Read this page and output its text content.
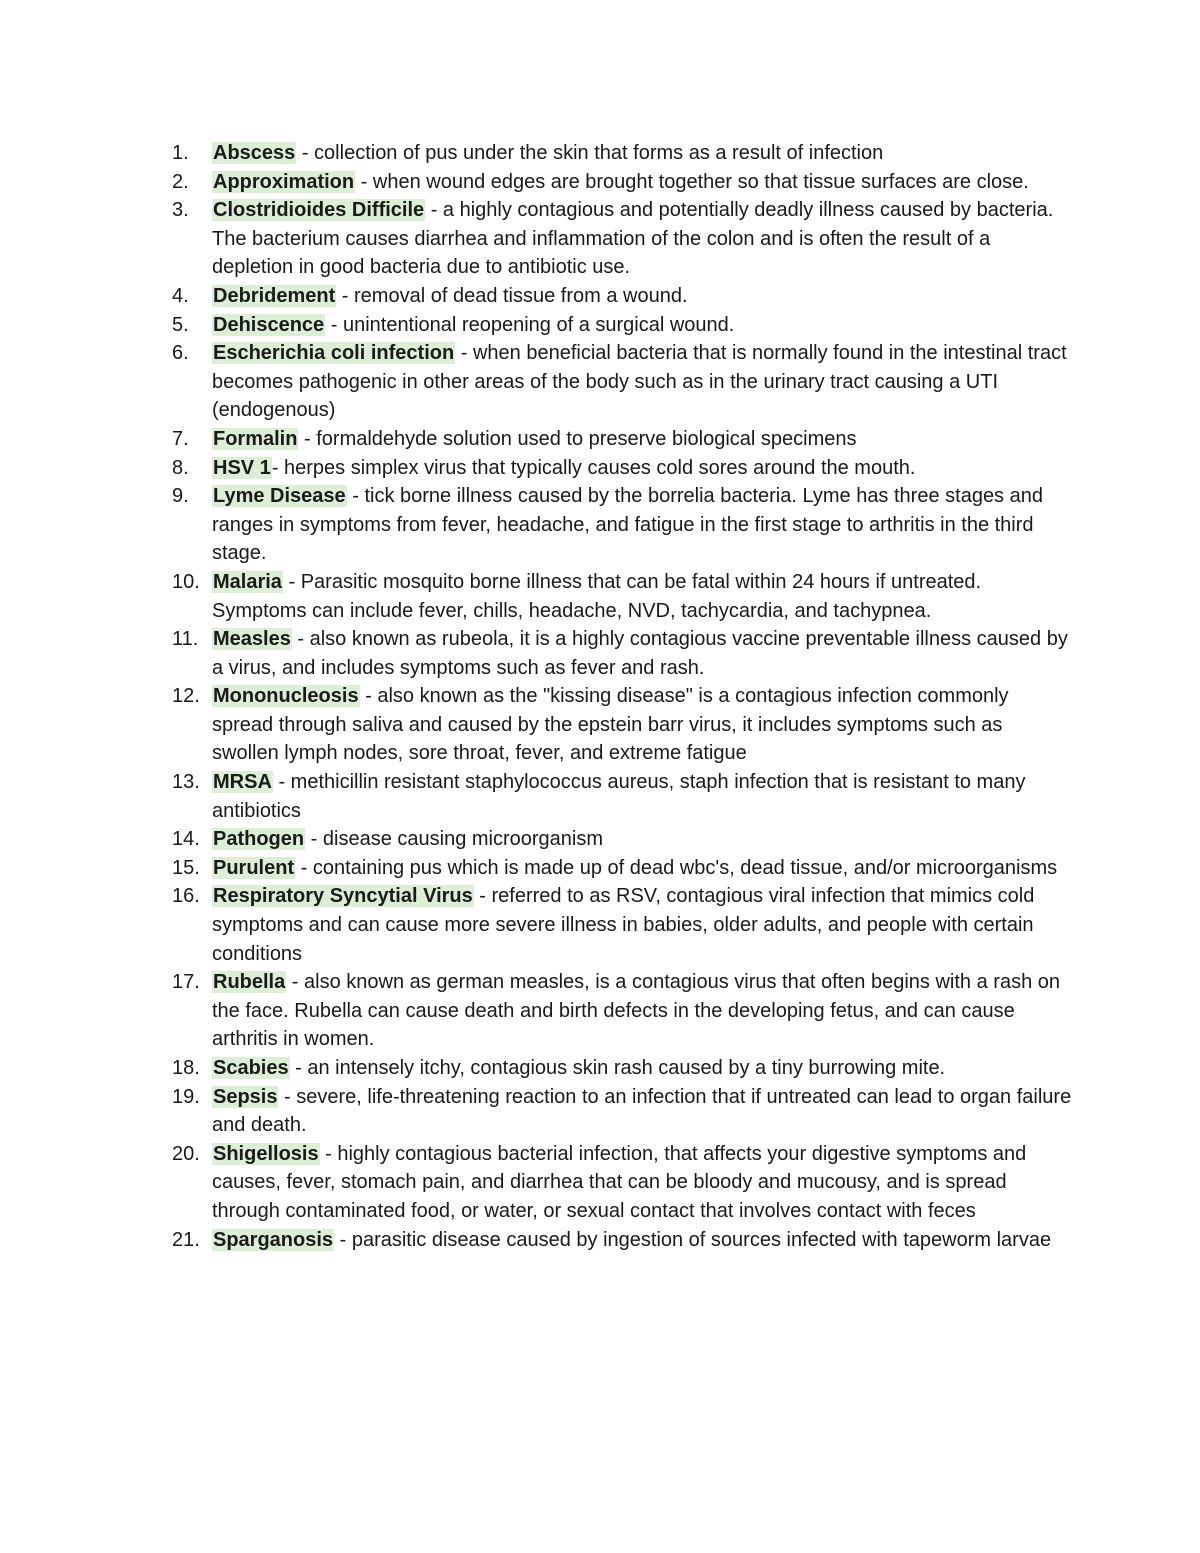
1.	Abscess - collection of pus under the skin that forms as a result of infection
2.	Approximation - when wound edges are brought together so that tissue surfaces are close.
3.	Clostridioides Difficile - a highly contagious and potentially deadly illness caused by bacteria. The bacterium causes diarrhea and inflammation of the colon and is often the result of a depletion in good bacteria due to antibiotic use.
4.	Debridement - removal of dead tissue from a wound.
5.	Dehiscence - unintentional reopening of a surgical wound.
6.	Escherichia coli infection - when beneficial bacteria that is normally found in the intestinal tract becomes pathogenic in other areas of the body such as in the urinary tract causing a UTI (endogenous)
7.	Formalin - formaldehyde solution used to preserve biological specimens
8.	HSV 1- herpes simplex virus that typically causes cold sores around the mouth.
9.	Lyme Disease - tick borne illness caused by the borrelia bacteria. Lyme has three stages and ranges in symptoms from fever, headache, and fatigue in the first stage to arthritis in the third stage.
10. Malaria - Parasitic mosquito borne illness that can be fatal within 24 hours if untreated. Symptoms can include fever, chills, headache, NVD, tachycardia, and tachypnea.
11. Measles - also known as rubeola, it is a highly contagious vaccine preventable illness caused by a virus, and includes symptoms such as fever and rash.
12. Mononucleosis - also known as the "kissing disease" is a contagious infection commonly spread through saliva and caused by the epstein barr virus, it includes symptoms such as swollen lymph nodes, sore throat, fever, and extreme fatigue
13. MRSA - methicillin resistant staphylococcus aureus, staph infection that is resistant to many antibiotics
14. Pathogen - disease causing microorganism
15. Purulent - containing pus which is made up of dead wbc's, dead tissue, and/or microorganisms
16. Respiratory Syncytial Virus - referred to as RSV, contagious viral infection that mimics cold symptoms and can cause more severe illness in babies, older adults, and people with certain conditions
17. Rubella - also known as german measles, is a contagious virus that often begins with a rash on the face. Rubella can cause death and birth defects in the developing fetus, and can cause arthritis in women.
18. Scabies - an intensely itchy, contagious skin rash caused by a tiny burrowing mite.
19. Sepsis - severe, life-threatening reaction to an infection that if untreated can lead to organ failure and death.
20. Shigellosis - highly contagious bacterial infection, that affects your digestive symptoms and causes, fever, stomach pain, and diarrhea that can be bloody and mucousy, and is spread through contaminated food, or water, or sexual contact that involves contact with feces
21. Sparganosis - parasitic disease caused by ingestion of sources infected with tapeworm larvae
